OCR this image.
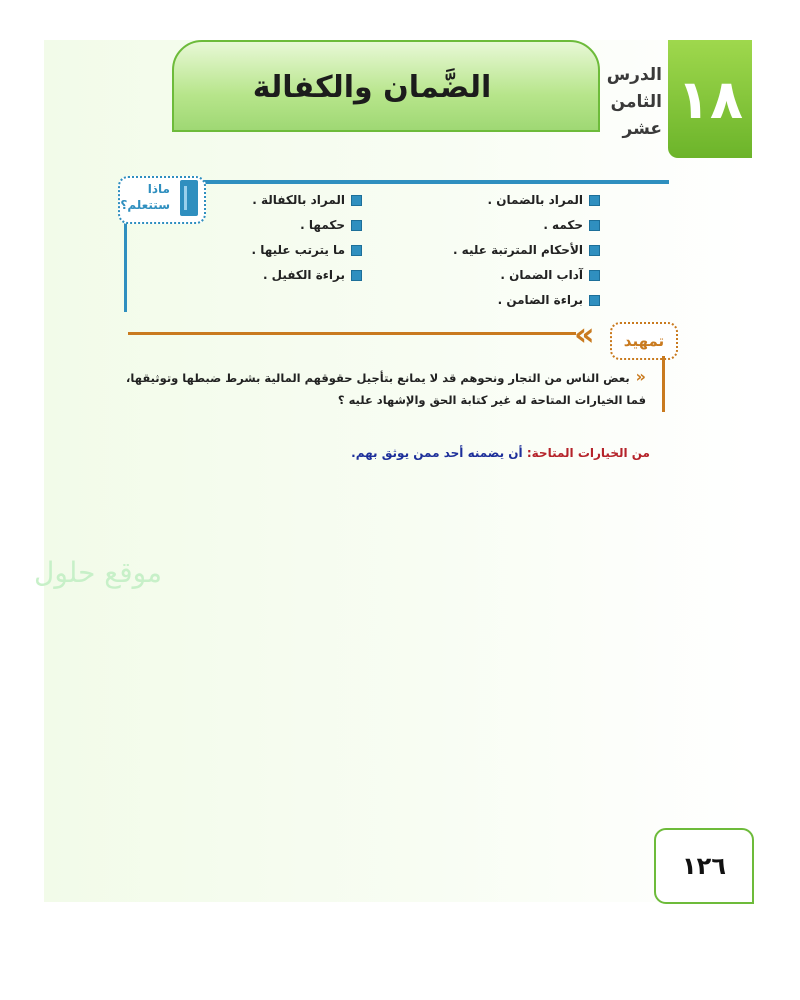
الضَّمان والكفالة	الدرس
الثامن
عشر ١٨
ماذا
ستتعلم؟	المراد بالضمان .
حكمه .
الأحكام المترتبة عليه .
آداب الضمان .
براءة الضامن .
المراد بالكفالة .
حكمها .
ما يترتب عليها .
براءة الكفيل .
« تمهيد
«بعض الناس من التجار ونحوهم قد لا يمانع بتأجيل حقوقهم المالية بشرط ضبطها وتوثيقها، فما الخيارات المتاحة له غير كتابة الحق والإشهاد عليه ؟
من الخيارات المتاحة: أن يضمنه أحد ممن يوثق بهم.
موقع حلول
١٢٦
